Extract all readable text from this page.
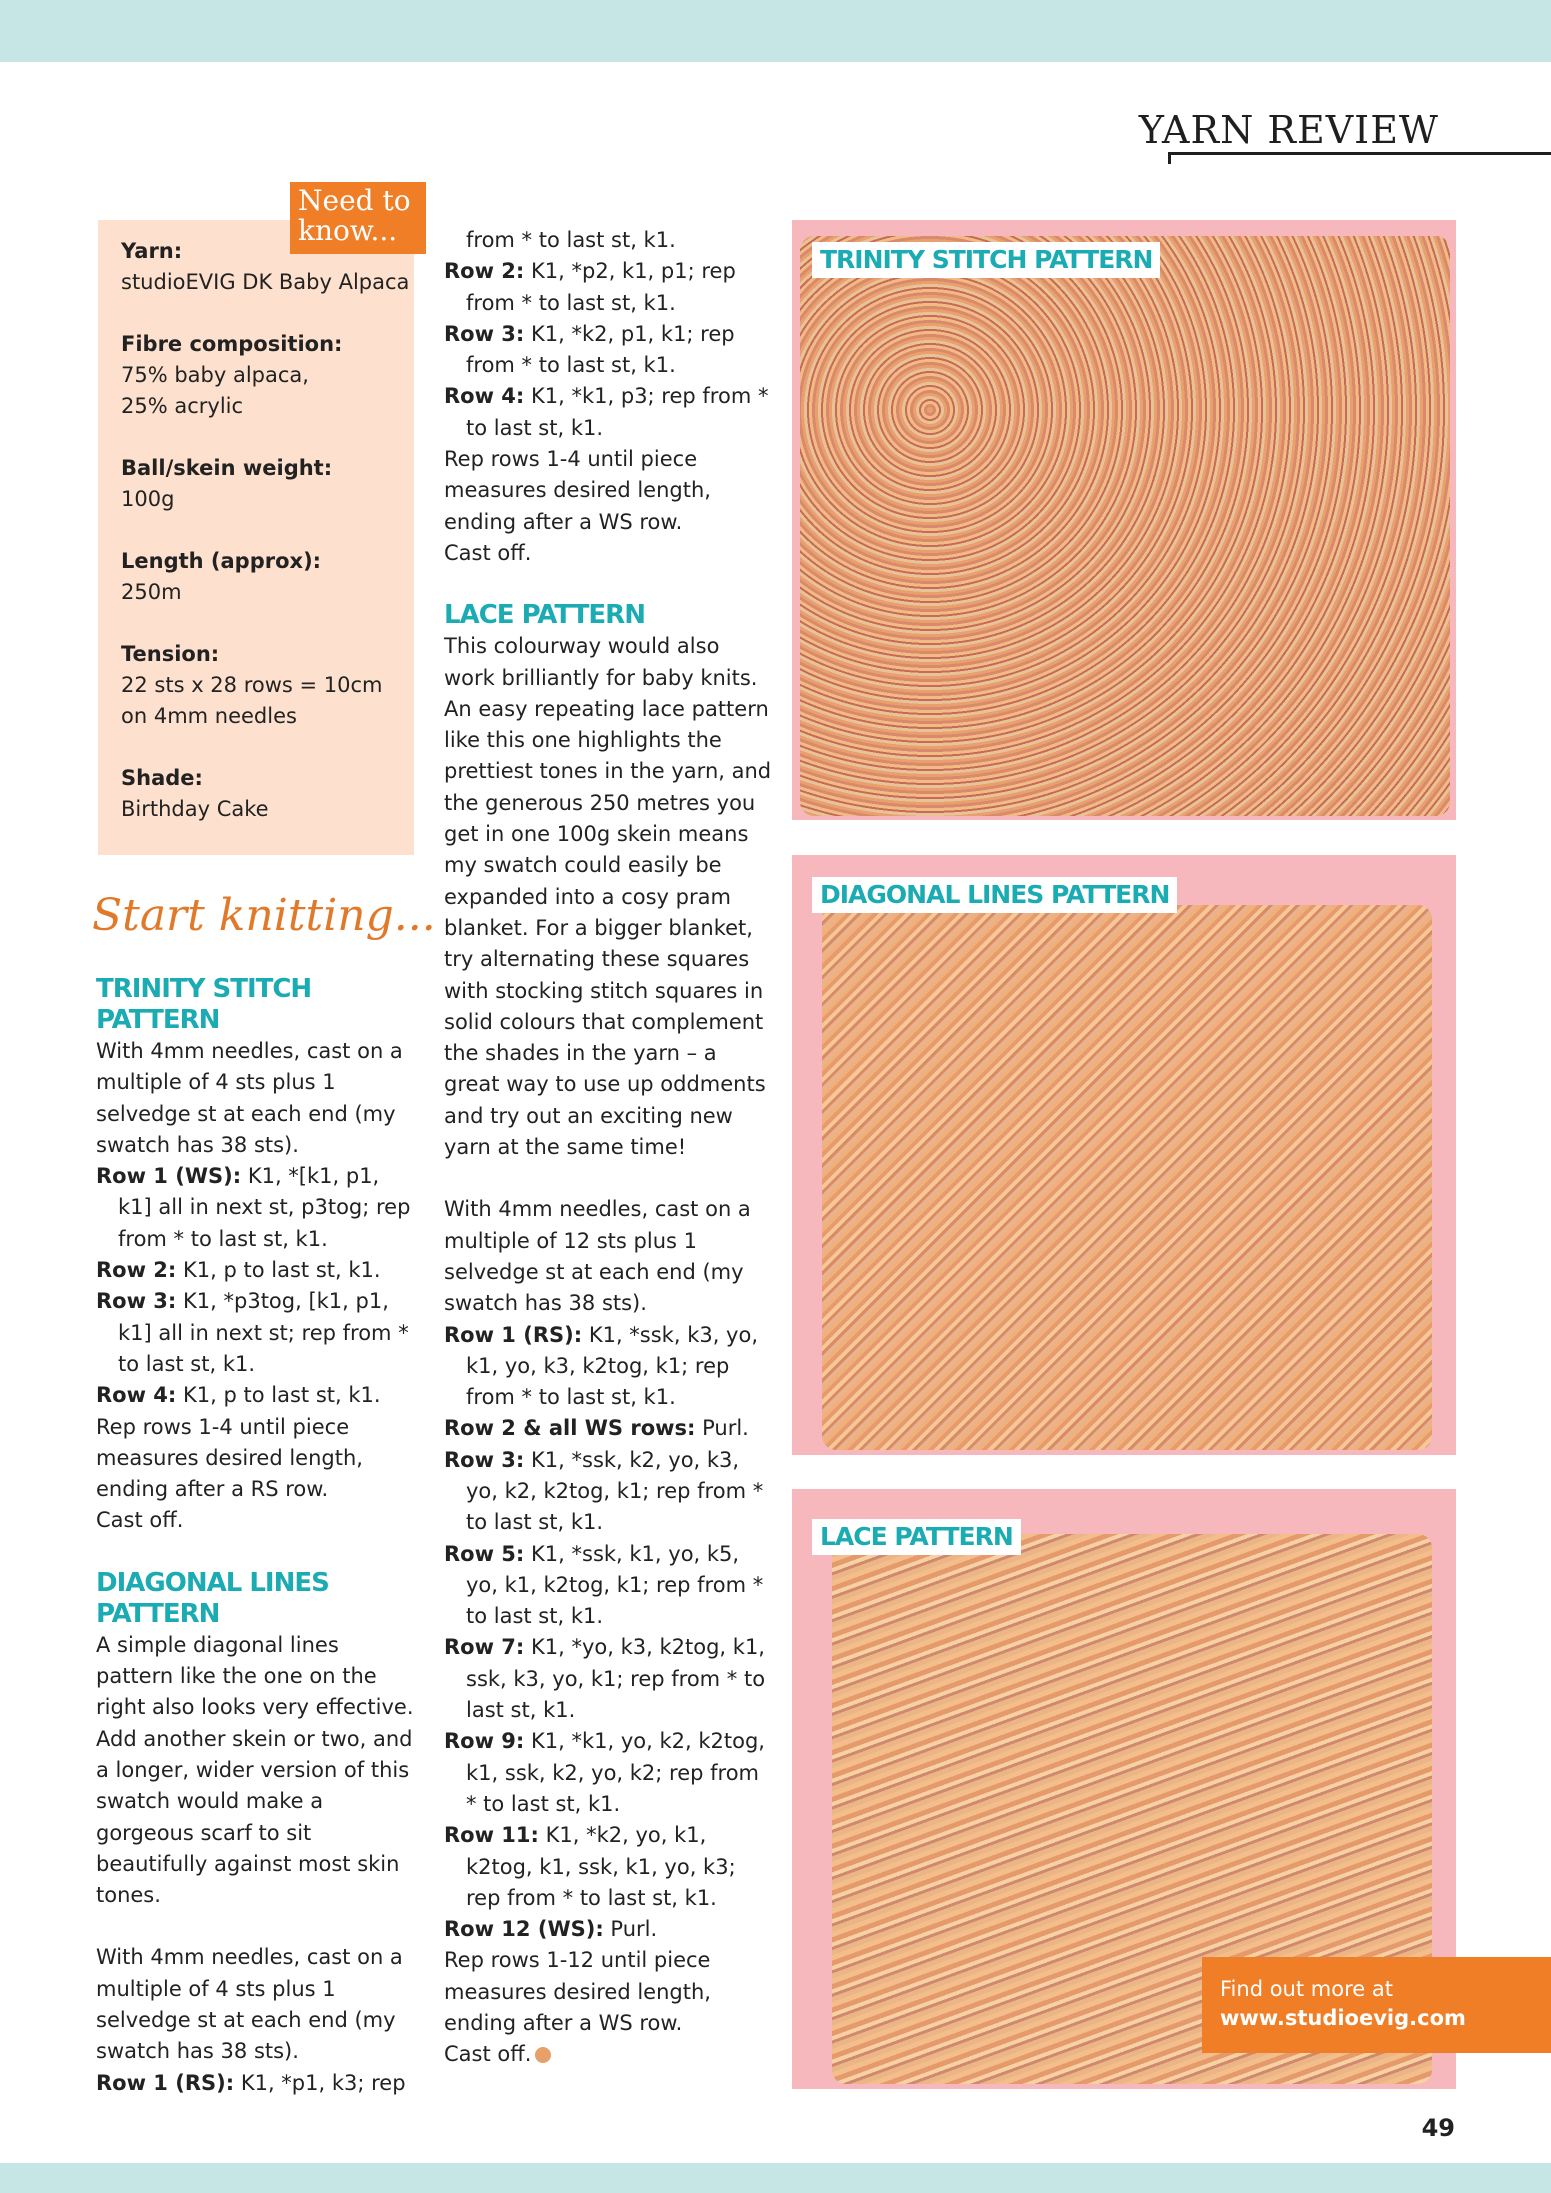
YARN REVIEW
Need to know...
Yarn:
studioEVIG DK Baby Alpaca
Fibre composition:
75% baby alpaca,
25% acrylic
Ball/skein weight:
100g
Length (approx):
250m
Tension:
22 sts x 28 rows = 10cm
on 4mm needles
Shade:
Birthday Cake
Start knitting...

TRINITY STITCH PATTERN

With 4mm needles, cast on a multiple of 4 sts plus 1 selvedge st at each end (my swatch has 38 sts).

Row 1 (WS): K1, *[k1, p1, k1] all in next st, p3tog; rep from * to last st, k1.

Row 2: K1, p to last st, k1.

Row 3: K1, *p3tog, [k1, p1, k1] all in next st; rep from * to last st, k1.

Row 4: K1, p to last st, k1.

Rep rows 1-4 until piece measures desired length, ending after a RS row.

Cast off.

DIAGONAL LINES PATTERN

A simple diagonal lines pattern like the one on the right also looks very effective. Add another skein or two, and a longer, wider version of this swatch would make a gorgeous scarf to sit beautifully against most skin tones.

With 4mm needles, cast on a multiple of 4 sts plus 1 selvedge st at each end (my swatch has 38 sts).

Row 1 (RS): K1, *p1, k3; rep

from * to last st, k1.

Row 2: K1, *p2, k1, p1; rep from * to last st, k1.

Row 3: K1, *k2, p1, k1; rep from * to last st, k1.

Row 4: K1, *k1, p3; rep from * to last st, k1.

Rep rows 1-4 until piece measures desired length, ending after a WS row.

Cast off.

LACE PATTERN

This colourway would also work brilliantly for baby knits. An easy repeating lace pattern like this one highlights the prettiest tones in the yarn, and the generous 250 metres you get in one 100g skein means my swatch could easily be expanded into a cosy pram blanket. For a bigger blanket, try alternating these squares with stocking stitch squares in solid colours that complement the shades in the yarn – a great way to use up oddments and try out an exciting new yarn at the same time!

With 4mm needles, cast on a multiple of 12 sts plus 1 selvedge st at each end (my swatch has 38 sts).

Row 1 (RS): K1, *ssk, k3, yo, k1, yo, k3, k2tog, k1; rep from * to last st, k1.

Row 2 & all WS rows: Purl.

Row 3: K1, *ssk, k2, yo, k3, yo, k2, k2tog, k1; rep from * to last st, k1.

Row 5: K1, *ssk, k1, yo, k5, yo, k1, k2tog, k1; rep from * to last st, k1.

Row 7: K1, *yo, k3, k2tog, k1, ssk, k3, yo, k1; rep from * to last st, k1.

Row 9: K1, *k1, yo, k2, k2tog, k1, ssk, k2, yo, k2; rep from * to last st, k1.

Row 11: K1, *k2, yo, k1, k2tog, k1, ssk, k1, yo, k3; rep from * to last st, k1.

Row 12 (WS): Purl.

Rep rows 1-12 until piece measures desired length, ending after a WS row.

Cast off.

TRINITY STITCH PATTERN
DIAGONAL LINES PATTERN
LACE PATTERN
Find out more at
www.studioevig.com
49
